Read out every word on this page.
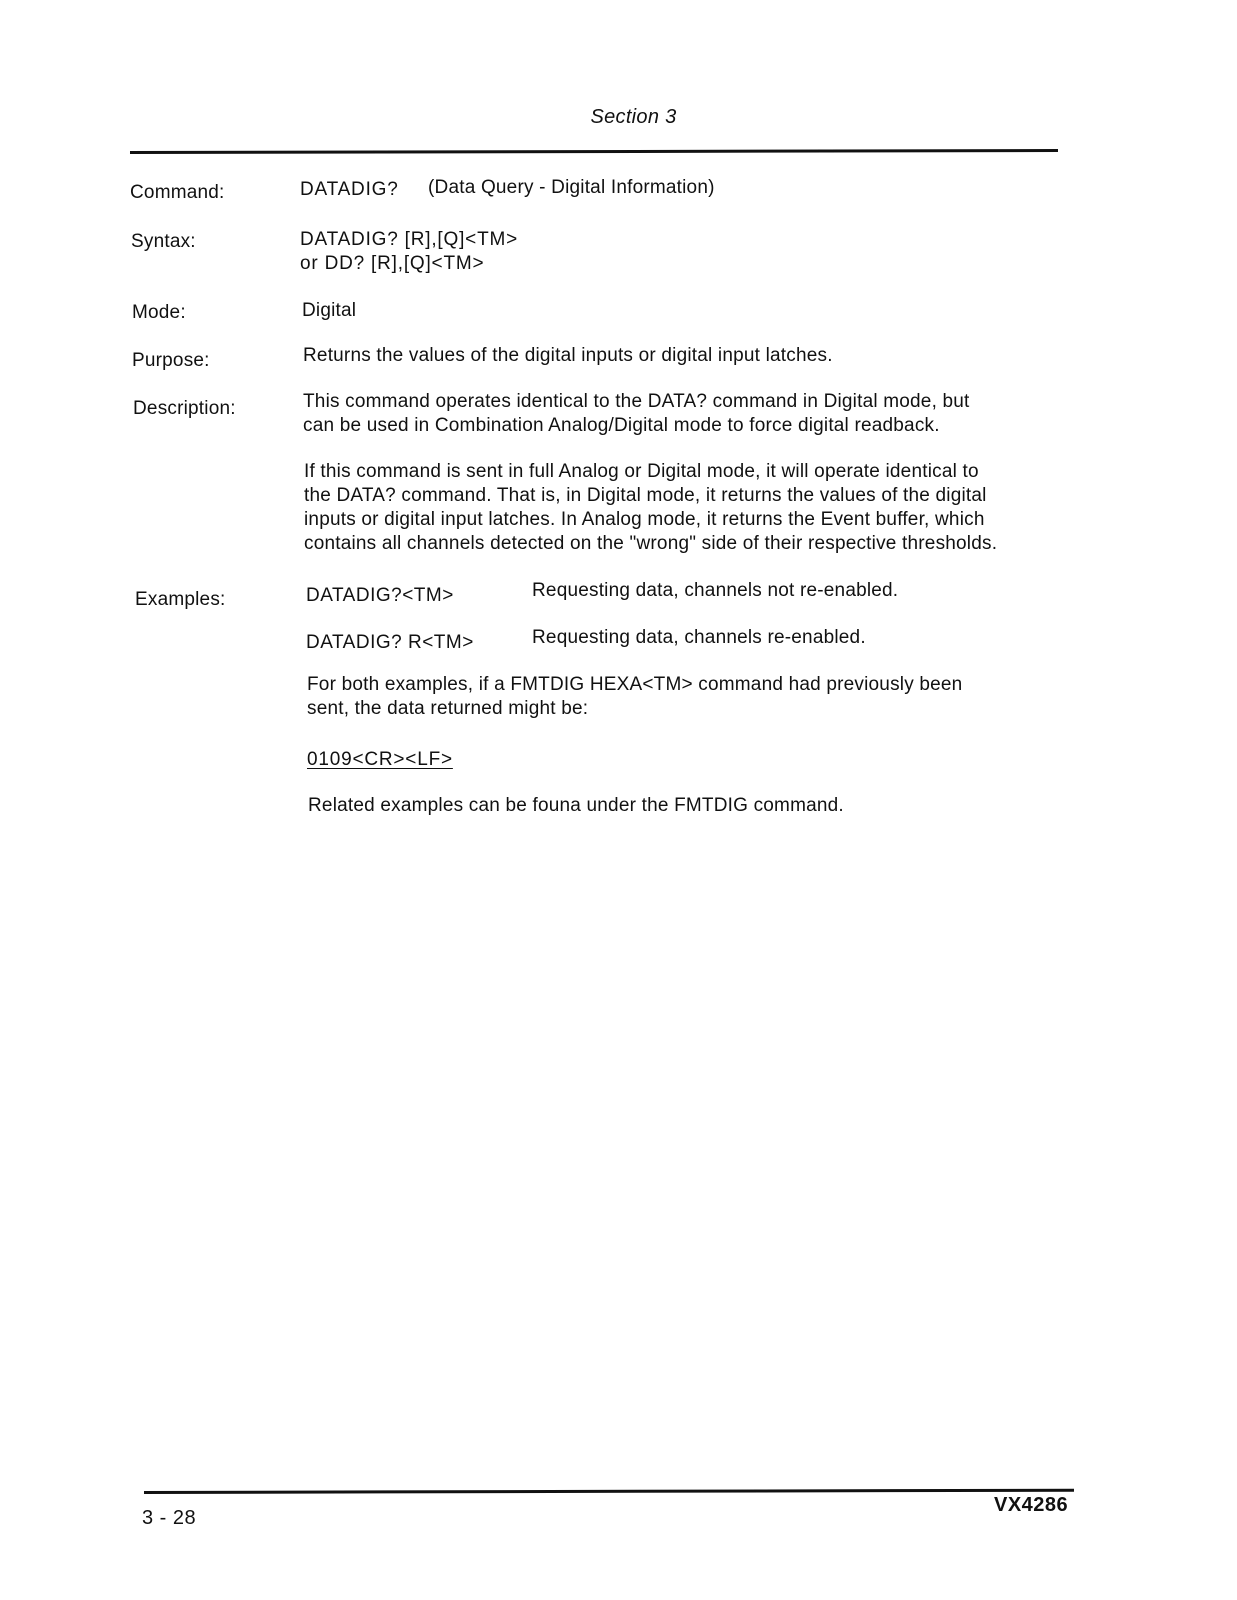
Section 3
Command:	DATADIG? (Data Query - Digital Information)
Syntax:	DATADIG? [R],[Q]<TM>
or DD? [R],[Q]<TM>
Mode:	Digital
Purpose:	Returns the values of the digital inputs or digital input latches.
Description:	This command operates identical to the DATA? command in Digital mode, but
can be used in Combination Analog/Digital mode to force digital readback.
If this command is sent in full Analog or Digital mode, it will operate identical to
the DATA? command. That is, in Digital mode, it returns the values of the digital
inputs or digital input latches. In Analog mode, it returns the Event buffer, which
contains all channels detected on the "wrong" side of their respective thresholds.
Examples:	DATADIG?<TM>	Requesting data, channels not re-enabled.
DATADIG? R<TM>	Requesting data, channels re-enabled.
For both examples, if a FMTDIG HEXA<TM> command had previously been
sent, the data returned might be:
0109<CR><LF>
Related examples can be founa under the FMTDIG command.
3 - 28
VX4286
